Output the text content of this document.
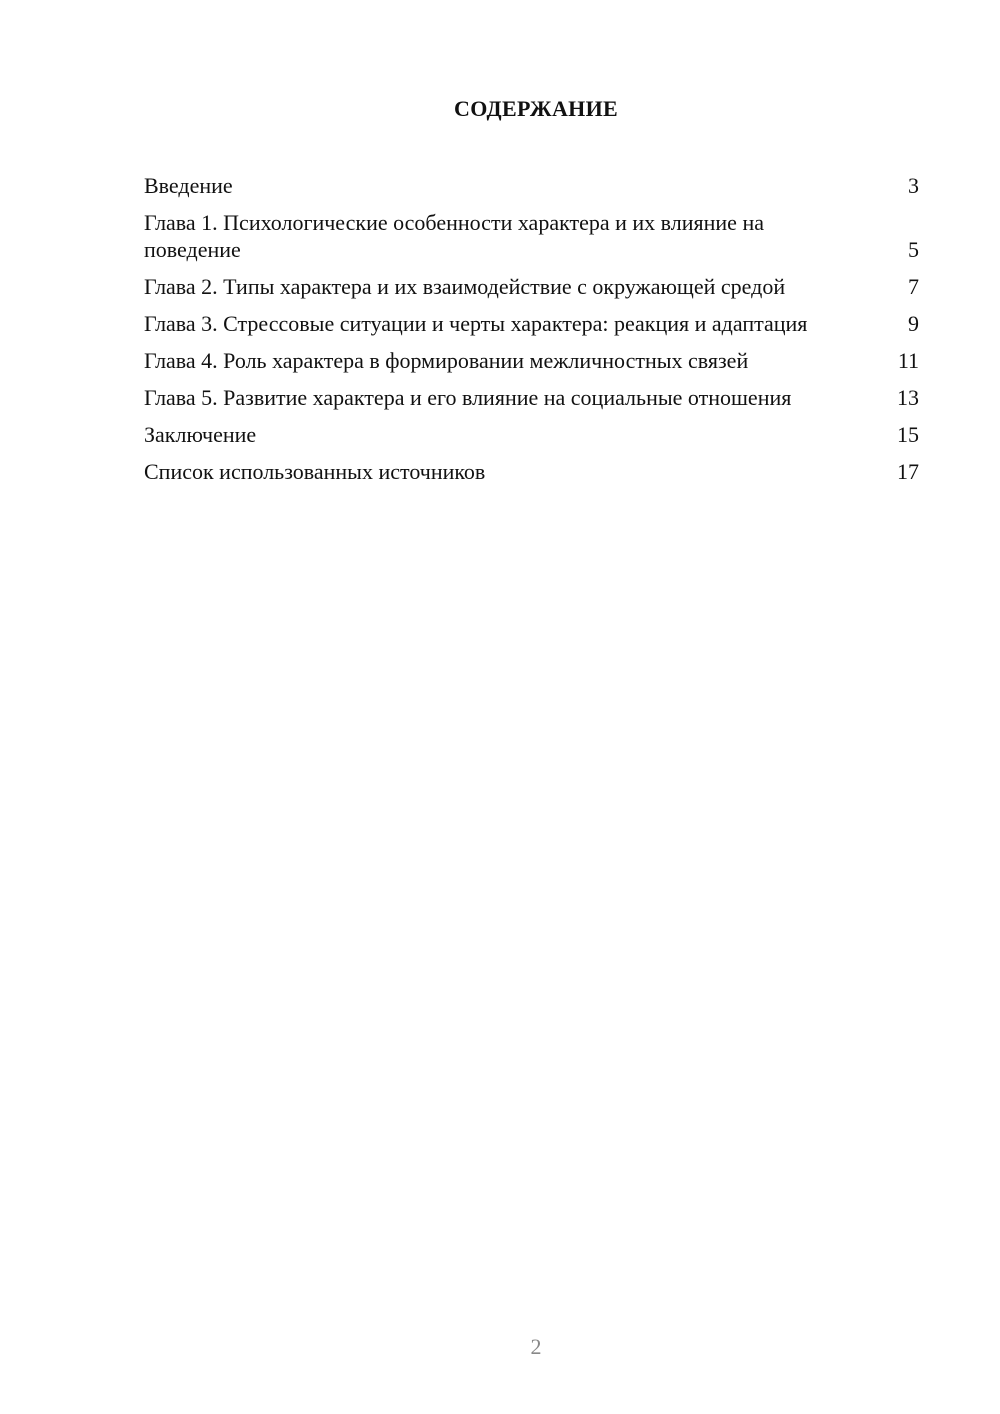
СОДЕРЖАНИЕ
Введение	3
Глава 1. Психологические особенности характера и их влияние на поведение	5
Глава 2. Типы характера и их взаимодействие с окружающей средой	7
Глава 3. Стрессовые ситуации и черты характера: реакция и адаптация	9
Глава 4. Роль характера в формировании межличностных связей	11
Глава 5. Развитие характера и его влияние на социальные отношения	13
Заключение	15
Список использованных источников	17
2
